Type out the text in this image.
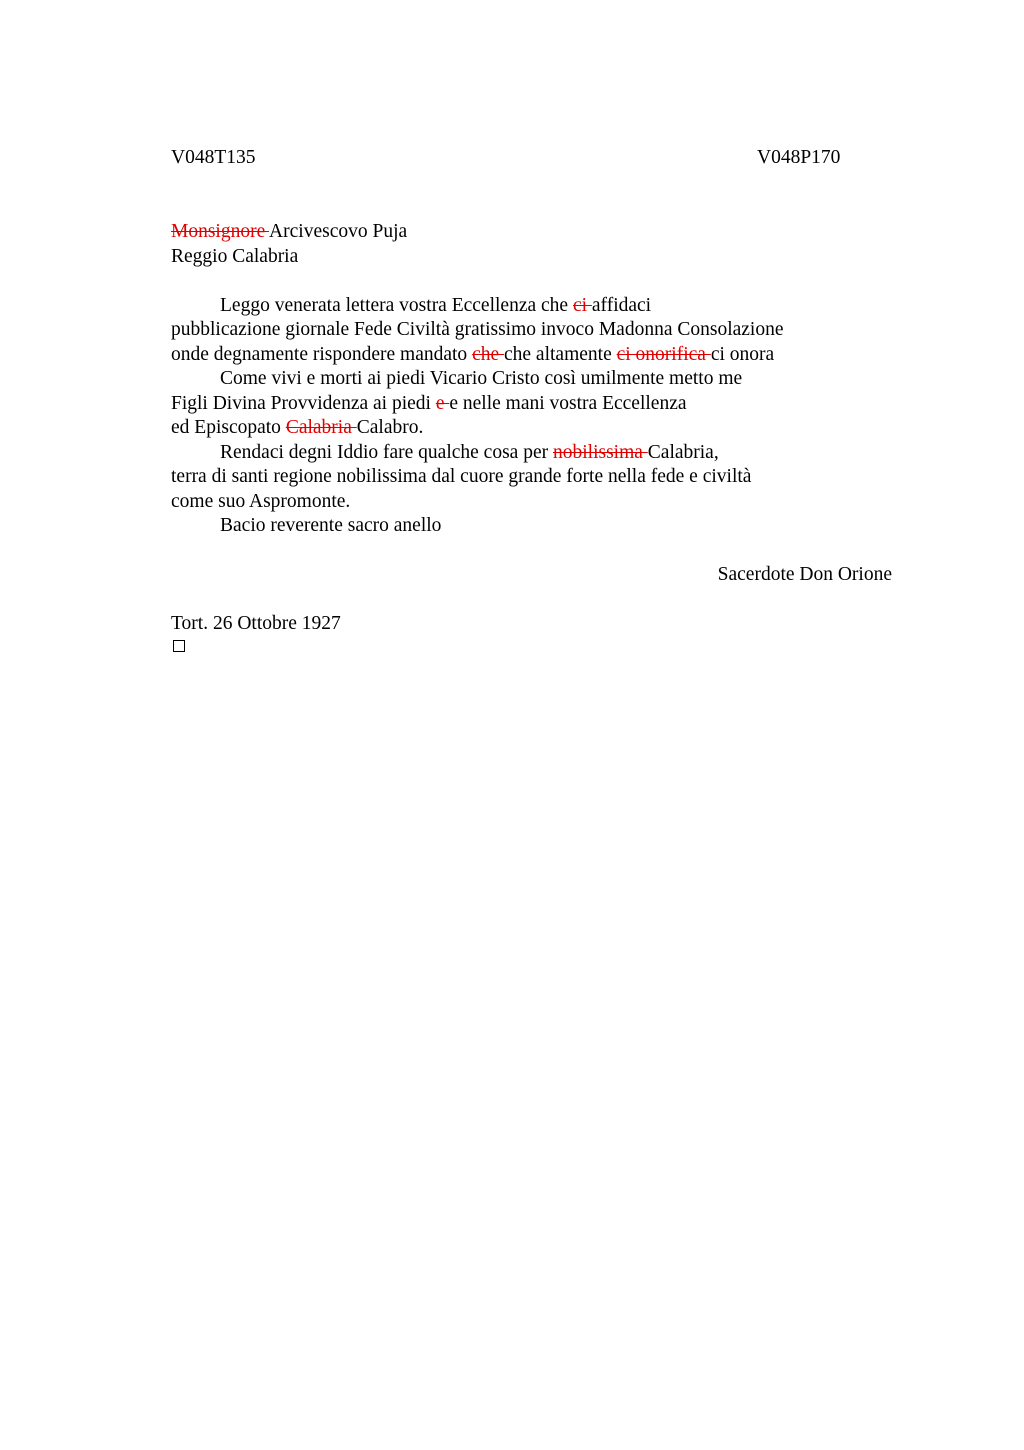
V048T135	V048P170
Monsignore Arcivescovo Puja
Reggio Calabria
Leggo venerata lettera vostra Eccellenza che ci affidaci
pubblicazione giornale Fede Civiltà gratissimo invoco Madonna Consolazione
onde degnamente rispondere mandato che che altamente ci onorifica ci onora
Come vivi e morti ai piedi Vicario Cristo così umilmente metto me
Figli Divina Provvidenza ai piedi e e nelle mani vostra Eccellenza
ed Episcopato Calabria Calabro.
Rendaci degni Iddio fare qualche cosa per nobilissima Calabria,
terra di santi regione nobilissima dal cuore grande forte nella fede e civiltà
come suo Aspromonte.
Bacio reverente sacro anello
Sacerdote Don Orione
Tort. 26 Ottobre 1927
